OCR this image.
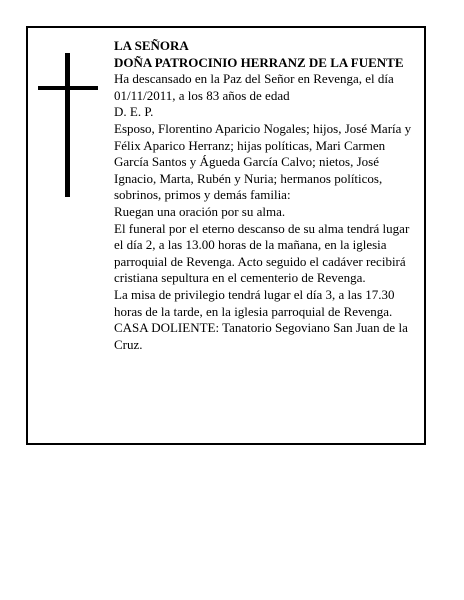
LA SEÑORA

DOÑA PATROCINIO HERRANZ DE LA FUENTE

Ha descansado en la Paz del Señor en Revenga, el día 01/11/2011, a los 83 años de edad

D. E. P.

Esposo, Florentino Aparicio Nogales; hijos, José María y Félix Aparico Herranz; hijas políticas, Mari Carmen García Santos y Águeda García Calvo; nietos, José Ignacio, Marta, Rubén y Nuria; hermanos políticos, sobrinos, primos y demás familia:

Ruegan una oración por su alma.

El funeral por el eterno descanso de su alma tendrá lugar el día 2, a las 13.00 horas de la mañana, en la iglesia parroquial de Revenga. Acto seguido el cadáver recibirá cristiana sepultura en el cementerio de Revenga.

La misa de privilegio tendrá lugar el día 3, a las 17.30 horas de la tarde, en la iglesia parroquial de Revenga.

CASA DOLIENTE: Tanatorio Segoviano San Juan de la Cruz.
